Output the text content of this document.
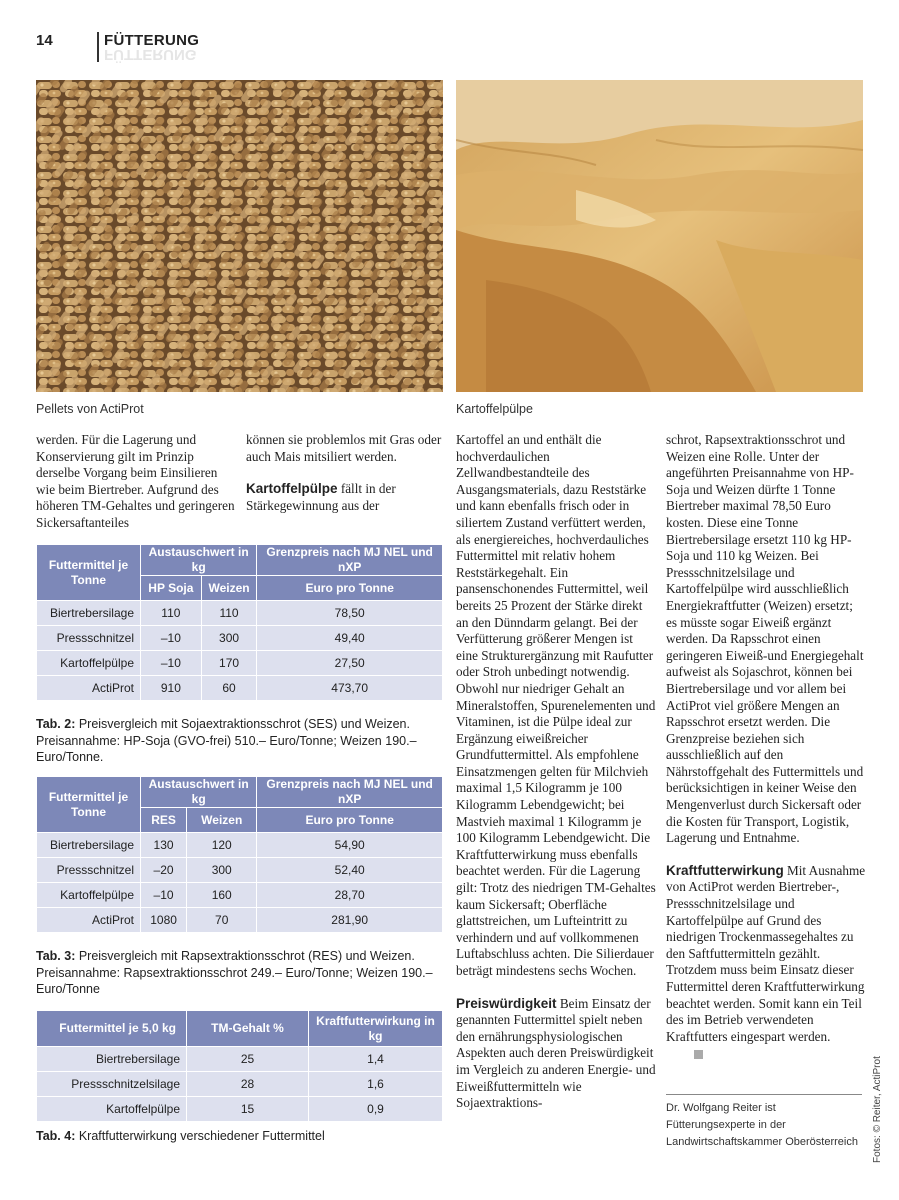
14	FÜTTERUNG
FÜTTERUNG
Pellets von ActiProt	Kartoffelpülpe

werden. Für die Lagerung und Konservierung gilt im Prinzip derselbe Vorgang beim Einsilieren wie beim Biertreber. Aufgrund des höheren TM-Gehaltes und geringeren Sickersaftanteiles

können sie problemlos mit Gras oder auch Mais mitsiliert werden.

Kartoffelpülpe fällt in der Stärkegewinnung aus der

Futtermittel je Tonne	Austauschwert in kg		Grenzpreis nach MJ NEL und nXP
	HP Soja	Weizen	Euro pro Tonne
Biertrebersilage	110	110	78,50
Pressschnitzel	–10	300	49,40
Kartoffelpülpe	–10	170	27,50
ActiProt	910	60	473,70
Tab. 2: Preisvergleich mit Sojaextraktionsschrot (SES) und Weizen. Preisannahme: HP-Soja (GVO-frei) 510.– Euro/Tonne; Weizen 190.– Euro/Tonne.
Futtermittel je Tonne	Austauschwert in kg		Grenzpreis nach MJ NEL und nXP
	RES	Weizen	Euro pro Tonne
Biertrebersilage	130	120	54,90
Pressschnitzel	–20	300	52,40
Kartoffelpülpe	–10	160	28,70
ActiProt	1080	70	281,90
Tab. 3: Preisvergleich mit Rapsextraktionsschrot (RES) und Weizen. Preisannahme: Rapsextraktionsschrot 249.– Euro/Tonne; Weizen 190.– Euro/Tonne
Futtermittel je 5,0 kg	TM-Gehalt %	Kraftfutterwirkung in kg
Biertrebersilage	25	1,4
Pressschnitzelsilage	28	1,6
Kartoffelpülpe	15	0,9
Tab. 4: Kraftfutterwirkung verschiedener Futtermittel

Kartoffel an und enthält die hochverdaulichen Zellwandbestandteile des Ausgangsmaterials, dazu Reststärke und kann ebenfalls frisch oder in siliertem Zustand verfüttert werden, als energiereiches, hochverdauliches Futtermittel mit relativ hohem Reststärkegehalt. Ein pansenschonendes Futtermittel, weil bereits 25 Prozent der Stärke direkt an den Dünndarm gelangt. Bei der Verfütterung größerer Mengen ist eine Strukturergänzung mit Raufutter oder Stroh unbedingt notwendig. Obwohl nur niedriger Gehalt an Mineralstoffen, Spurenelementen und Vitaminen, ist die Pülpe ideal zur Ergänzung eiweißreicher Grundfuttermittel. Als empfohlene Einsatzmengen gelten für Milchvieh maximal 1,5 Kilogramm je 100 Kilogramm Lebendgewicht; bei Mastvieh maximal 1 Kilogramm je 100 Kilogramm Lebendgewicht. Die Kraftfutterwirkung muss ebenfalls beachtet werden. Für die Lagerung gilt: Trotz des niedrigen TM-Gehaltes kaum Sickersaft; Oberfläche glattstreichen, um Lufteintritt zu verhindern und auf vollkommenen Luftabschluss achten. Die Silierdauer beträgt mindestens sechs Wochen.

Preiswürdigkeit Beim Einsatz der genannten Futtermittel spielt neben den ernährungsphysiologischen Aspekten auch deren Preiswürdigkeit im Vergleich zu anderen Energie- und Eiweißfuttermitteln wie Sojaextraktions-

schrot, Rapsextraktionsschrot und Weizen eine Rolle. Unter der angeführten Preisannahme von HP-Soja und Weizen dürfte 1 Tonne Biertreber maximal 78,50 Euro kosten. Diese eine Tonne Biertrebersilage ersetzt 110 kg HP-Soja und 110 kg Weizen. Bei Pressschnitzelsilage und Kartoffelpülpe wird ausschließlich Energiekraftfutter (Weizen) ersetzt; es müsste sogar Eiweiß ergänzt werden. Da Rapsschrot einen geringeren Eiweiß-und Energiegehalt aufweist als Sojaschrot, können bei Biertrebersilage und vor allem bei ActiProt viel größere Mengen an Rapsschrot ersetzt werden. Die Grenzpreise beziehen sich ausschließlich auf den Nährstoffgehalt des Futtermittels und berücksichtigen in keiner Weise den Mengenverlust durch Sickersaft oder die Kosten für Transport, Logistik, Lagerung und Entnahme.

Kraftfutterwirkung Mit Ausnahme von ActiProt werden Biertreber-, Pressschnitzelsilage und Kartoffelpülpe auf Grund des niedrigen Trockenmassegehaltes zu den Saftfuttermitteln gezählt. Trotzdem muss beim Einsatz dieser Futtermittel deren Kraftfutterwirkung beachtet werden. Somit kann ein Teil des im Betrieb verwendeten Kraftfutters eingespart werden.

Dr. Wolfgang Reiter ist Fütterungsexperte in der Landwirtschaftskammer Oberösterreich	Fotos: © Reiter, ActiProt
